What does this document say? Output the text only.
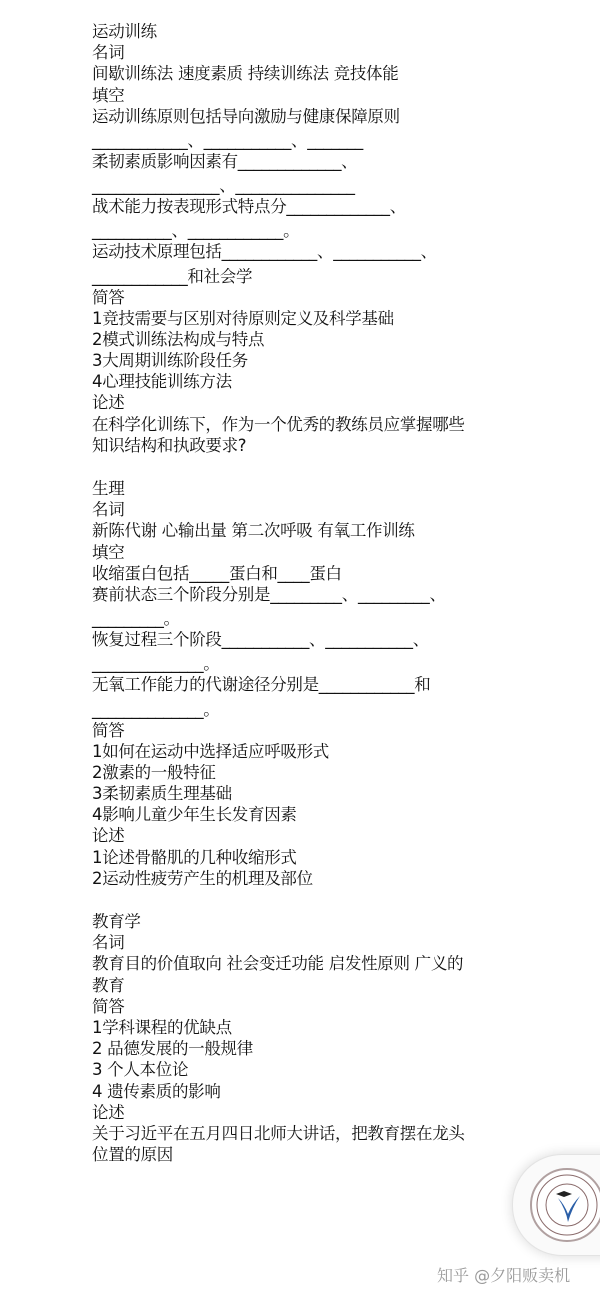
运动训练
名词
间歇训练法 速度素质 持续训练法 竞技体能
填空
运动训练原则包括导向激励与健康保障原则
____________、___________、_______
柔韧素质影响因素有_____________、
________________、_______________
战术能力按表现形式特点分_____________、
__________、____________。
运动技术原理包括____________、___________、
____________和社会学
简答
1竞技需要与区别对待原则定义及科学基础
2模式训练法构成与特点
3大周期训练阶段任务
4心理技能训练方法
论述
在科学化训练下，作为一个优秀的教练员应掌握哪些
知识结构和执政要求?
生理
名词
新陈代谢 心输出量 第二次呼吸 有氧工作训练
填空
收缩蛋白包括_____蛋白和____蛋白
赛前状态三个阶段分别是_________、_________、
_________。
恢复过程三个阶段___________、___________、
______________。
无氧工作能力的代谢途径分别是____________和
______________。
简答
1如何在运动中选择适应呼吸形式
2激素的一般特征
3柔韧素质生理基础
4影响儿童少年生长发育因素
论述
1论述骨骼肌的几种收缩形式
2运动性疲劳产生的机理及部位
教育学
名词
教育目的价值取向 社会变迁功能 启发性原则 广义的
教育
简答
1学科课程的优缺点
2 品德发展的一般规律
3 个人本位论
4 遗传素质的影响
论述
关于习近平在五月四日北师大讲话，把教育摆在龙头
位置的原因
知乎 @夕阳贩卖机
